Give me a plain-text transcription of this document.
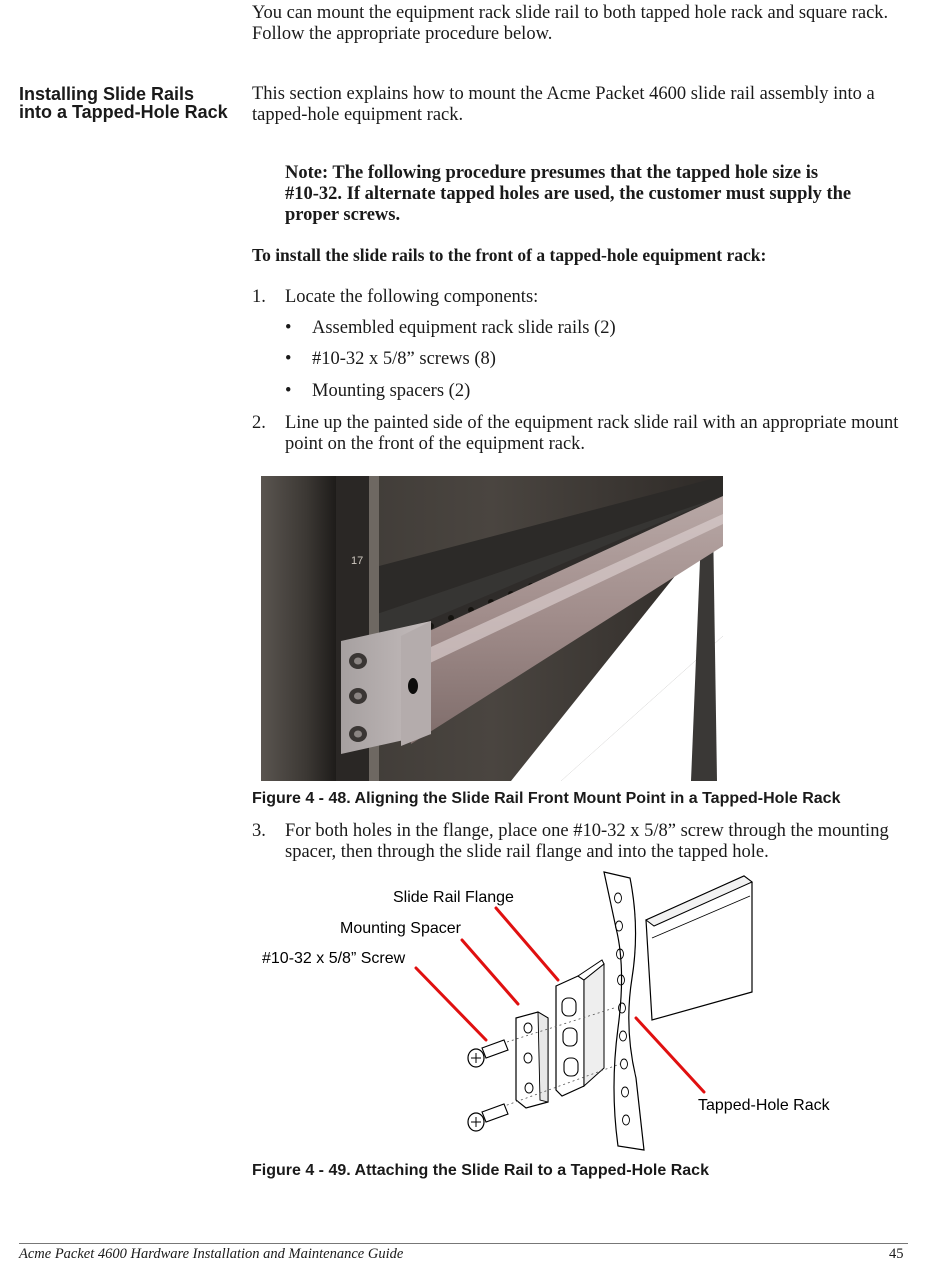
You can mount the equipment rack slide rail to both tapped hole rack and square rack. Follow the appropriate procedure below.

Installing Slide Rails into a Tapped-Hole Rack

This section explains how to mount the Acme Packet 4600 slide rail assembly into a tapped-hole equipment rack.

Note: The following procedure presumes that the tapped hole size is #10-32. If alternate tapped holes are used, the customer must supply the proper screws.

To install the slide rails to the front of a tapped-hole equipment rack:

1. Locate the following components:
• Assembled equipment rack slide rails (2)
• #10-32 x 5/8” screws (8)
• Mounting spacers (2)
2. Line up the painted side of the equipment rack slide rail with an appropriate mount point on the front of the equipment rack.
17
Figure 4 - 48. Aligning the Slide Rail Front Mount Point in a Tapped-Hole Rack
3. For both holes in the flange, place one #10-32 x 5/8” screw through the mounting spacer, then through the slide rail flange and into the tapped hole.
Slide Rail Flange
Mounting Spacer
#10-32 x 5/8” Screw
Tapped-Hole Rack
Figure 4 - 49. Attaching the Slide Rail to a Tapped-Hole Rack
Acme Packet 4600 Hardware Installation and Maintenance Guide	45
